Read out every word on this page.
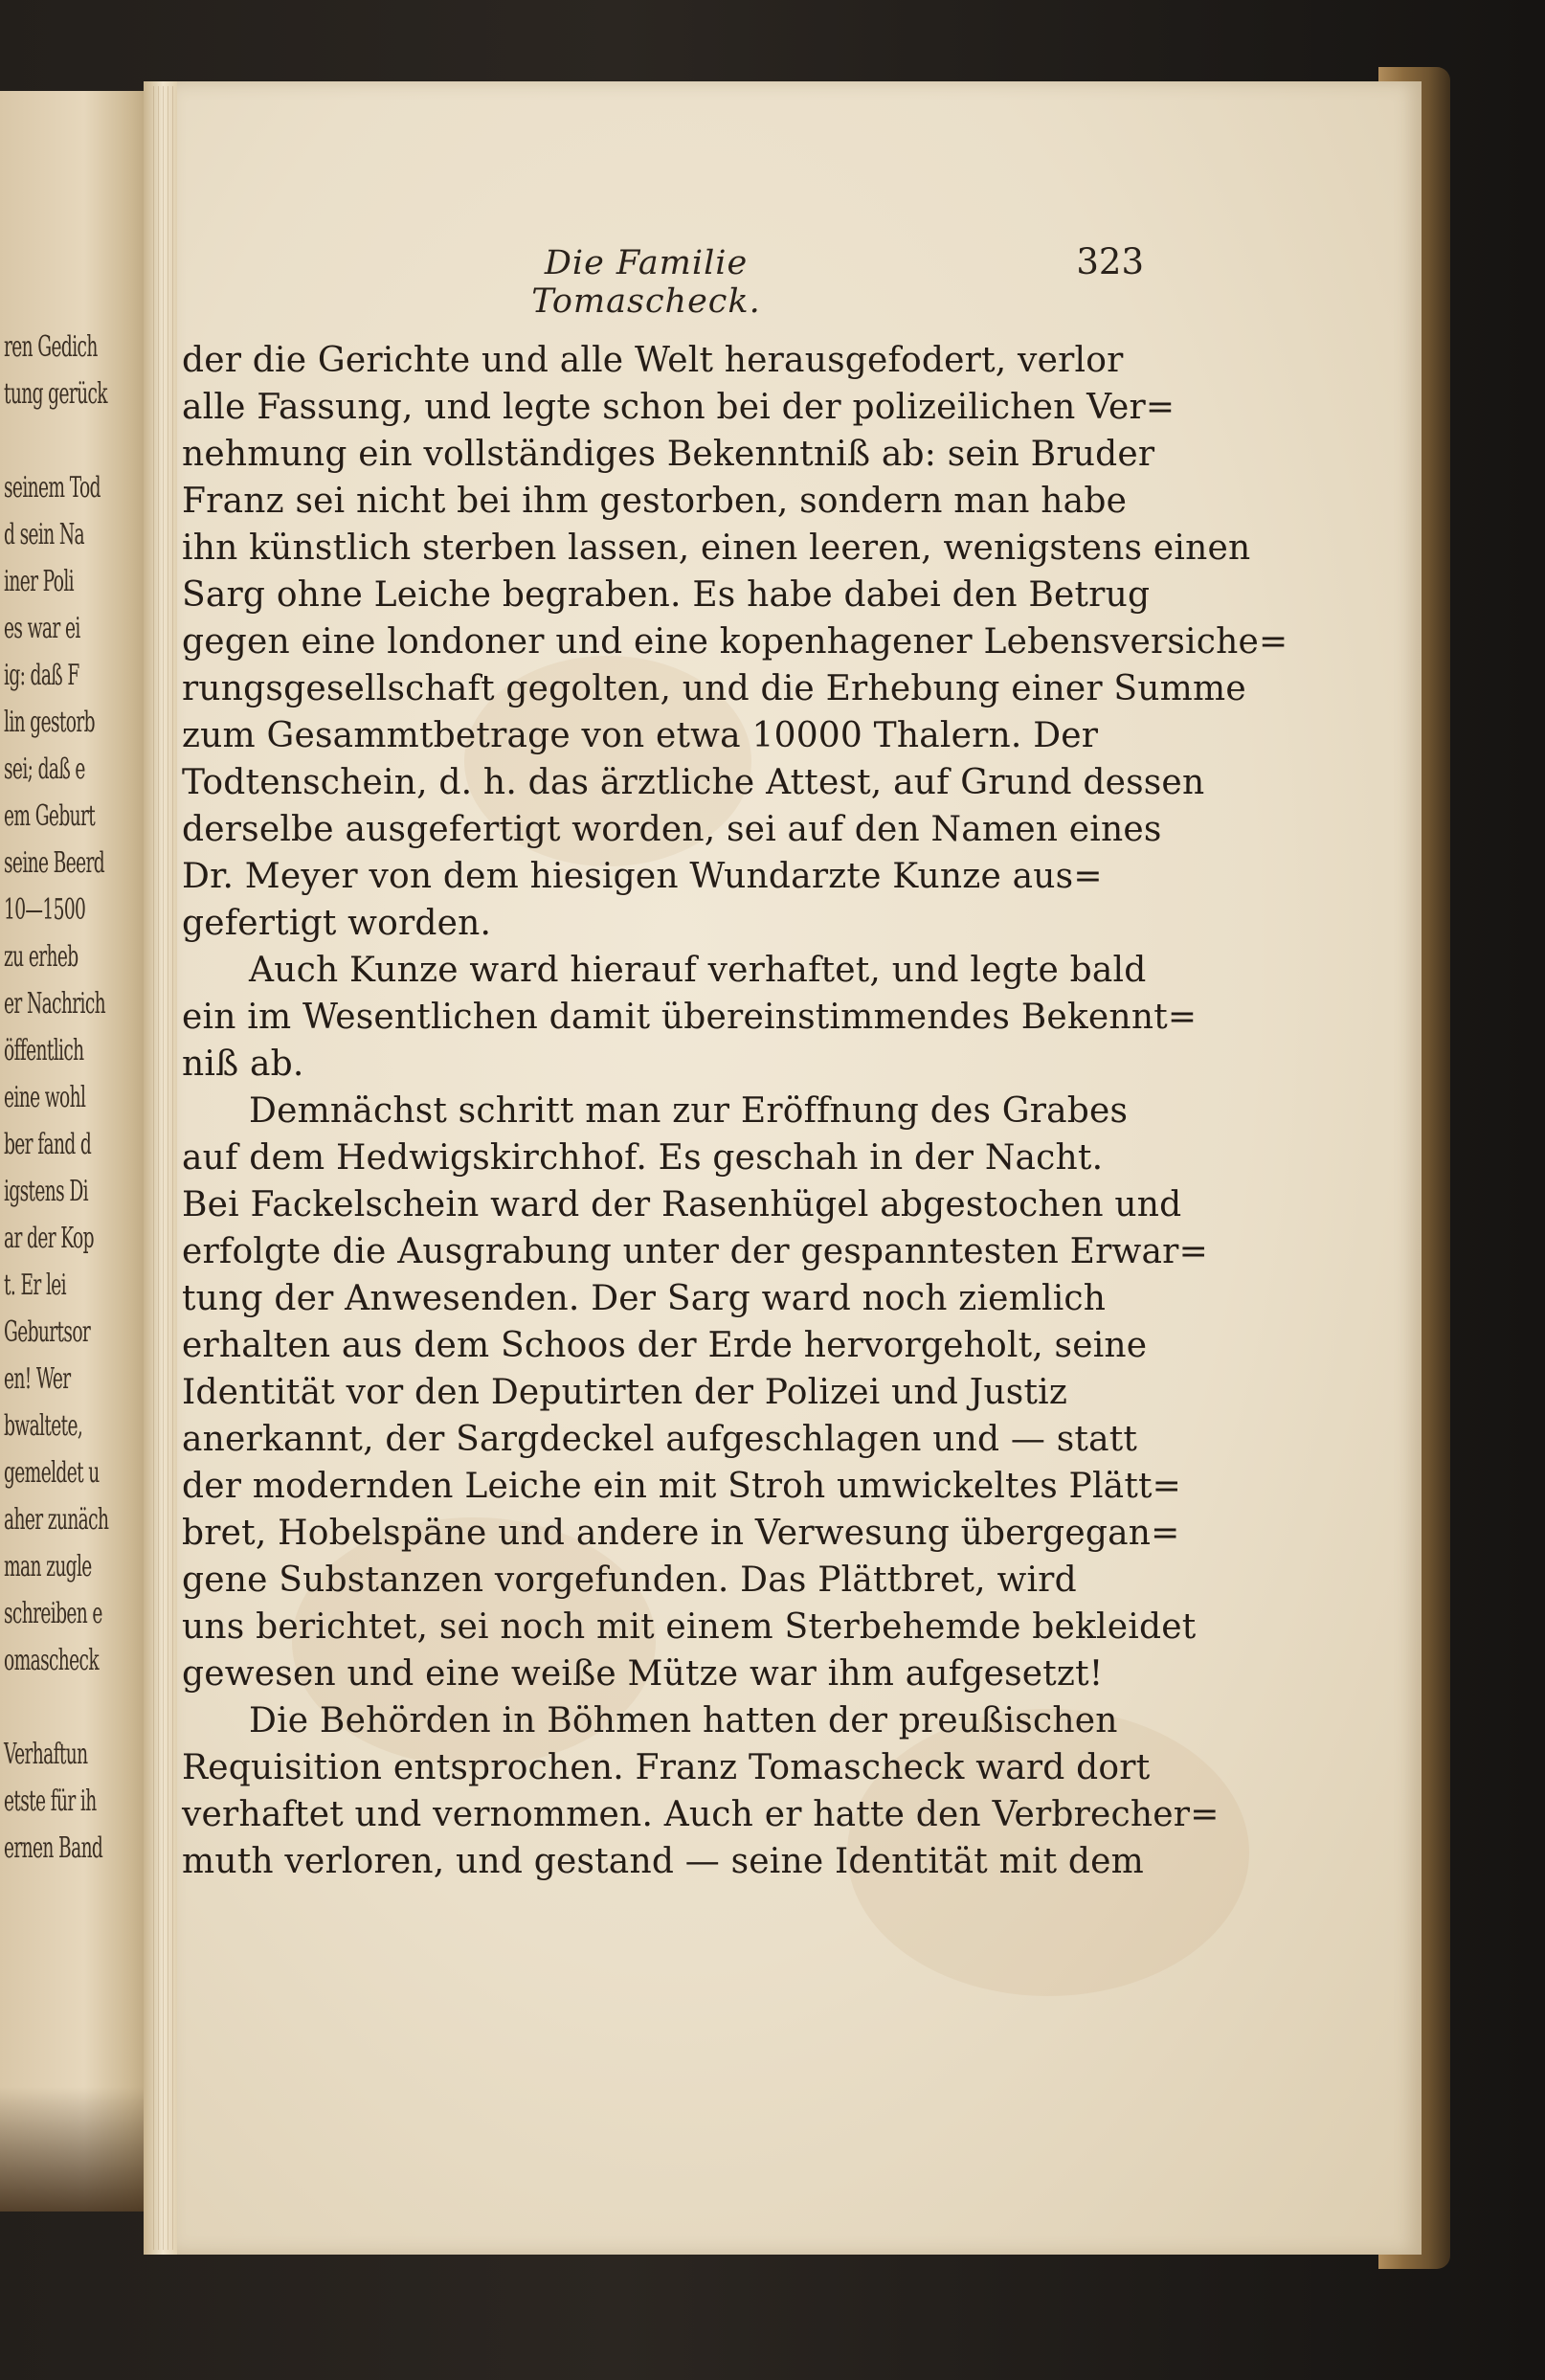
ren Gedich
tung gerück
seinem Tod
d sein Na
iner Poli
es war ei
ig: daß F
lin gestorb
sei; daß e
em Geburt
seine Beerd
10—1500
zu erheb
er Nachrich
öffentlich
eine wohl
ber fand d
igstens Di
ar der Kop
t. Er lei
Geburtsor
en! Wer
bwaltete,
gemeldet u
aher zunäch
man zugle
schreiben e
omascheck
Verhaftun
etste für ih
ernen Band
Die Familie Tomascheck.
323
der die Gerichte und alle Welt herausgefodert, verlor
alle Fassung, und legte schon bei der polizeilichen Ver=
nehmung ein vollständiges Bekenntniß ab: sein Bruder
Franz sei nicht bei ihm gestorben, sondern man habe
ihn künstlich sterben lassen, einen leeren, wenigstens einen
Sarg ohne Leiche begraben. Es habe dabei den Betrug
gegen eine londoner und eine kopenhagener Lebensversiche=
rungsgesellschaft gegolten, und die Erhebung einer Summe
zum Gesammtbetrage von etwa 10000 Thalern. Der
Todtenschein, d. h. das ärztliche Attest, auf Grund dessen
derselbe ausgefertigt worden, sei auf den Namen eines
Dr. Meyer von dem hiesigen Wundarzte Kunze aus=
gefertigt worden.
Auch Kunze ward hierauf verhaftet, und legte bald
ein im Wesentlichen damit übereinstimmendes Bekennt=
niß ab.
Demnächst schritt man zur Eröffnung des Grabes
auf dem Hedwigskirchhof. Es geschah in der Nacht.
Bei Fackelschein ward der Rasenhügel abgestochen und
erfolgte die Ausgrabung unter der gespanntesten Erwar=
tung der Anwesenden. Der Sarg ward noch ziemlich
erhalten aus dem Schoos der Erde hervorgeholt, seine
Identität vor den Deputirten der Polizei und Justiz
anerkannt, der Sargdeckel aufgeschlagen und — statt
der modernden Leiche ein mit Stroh umwickeltes Plätt=
bret, Hobelspäne und andere in Verwesung übergegan=
gene Substanzen vorgefunden. Das Plättbret, wird
uns berichtet, sei noch mit einem Sterbehemde bekleidet
gewesen und eine weiße Mütze war ihm aufgesetzt!
Die Behörden in Böhmen hatten der preußischen
Requisition entsprochen. Franz Tomascheck ward dort
verhaftet und vernommen. Auch er hatte den Verbrecher=
muth verloren, und gestand — seine Identität mit dem
